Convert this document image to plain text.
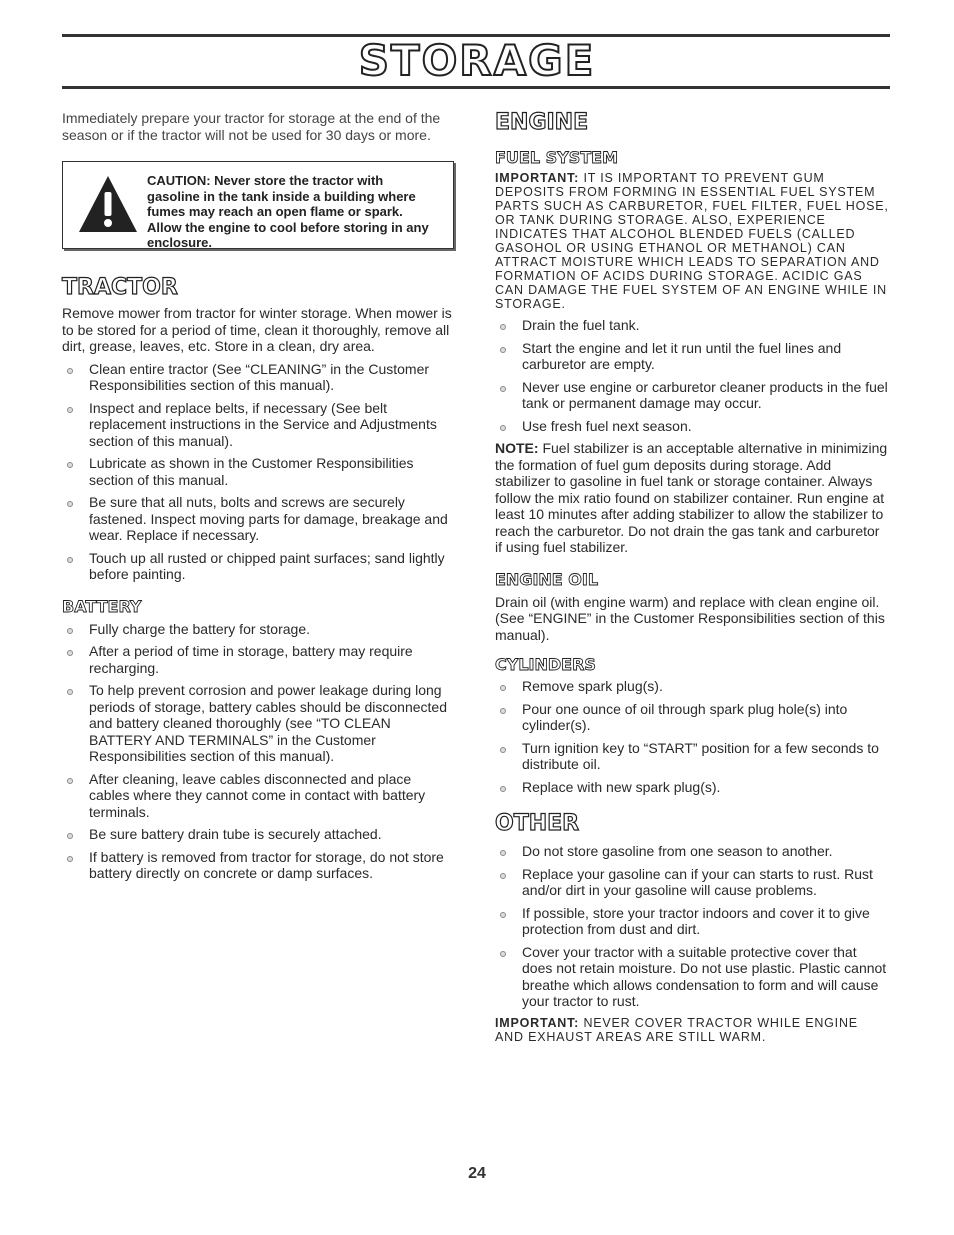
STORAGE

Immediately prepare your tractor for storage at the end of the season or if the tractor will not be used for 30 days or more.

CAUTION: Never store the tractor with gasoline in the tank inside a building where fumes may reach an open flame or spark. Allow the engine to cool before storing in any enclosure.
TRACTOR

Remove mower from tractor for winter storage. When mower is to be stored for a period of time, clean it thoroughly, remove all dirt, grease, leaves, etc. Store in a clean, dry area.

Clean entire tractor (See “CLEANING” in the Customer Responsibilities section of this manual).
Inspect and replace belts, if necessary (See belt replacement instructions in the Service and Adjustments section of this manual).
Lubricate as shown in the Customer Responsibilities section of this manual.
Be sure that all nuts, bolts and screws are securely fastened. Inspect moving parts for damage, breakage and wear. Replace if necessary.
Touch up all rusted or chipped paint surfaces; sand lightly before painting.
BATTERY
Fully charge the battery for storage.
After a period of time in storage, battery may require recharging.
To help prevent corrosion and power leakage during long periods of storage, battery cables should be disconnected and battery cleaned thoroughly (see “TO CLEAN BATTERY AND TERMINALS” in the Customer Responsibilities section of this manual).
After cleaning, leave cables disconnected and place cables where they cannot come in contact with battery terminals.
Be sure battery drain tube is securely attached.
If battery is removed from tractor for storage, do not store battery directly on concrete or damp surfaces.
ENGINE
FUEL SYSTEM

IMPORTANT: IT IS IMPORTANT TO PREVENT GUM DEPOSITS FROM FORMING IN ESSENTIAL FUEL SYSTEM PARTS SUCH AS CARBURETOR, FUEL FILTER, FUEL HOSE, OR TANK DURING STORAGE. ALSO, EXPERIENCE INDICATES THAT ALCOHOL BLENDED FUELS (CALLED GASOHOL OR USING ETHANOL OR METHANOL) CAN ATTRACT MOISTURE WHICH LEADS TO SEPARATION AND FORMATION OF ACIDS DURING STORAGE. ACIDIC GAS CAN DAMAGE THE FUEL SYSTEM OF AN ENGINE WHILE IN STORAGE.

Drain the fuel tank.
Start the engine and let it run until the fuel lines and carburetor are empty.
Never use engine or carburetor cleaner products in the fuel tank or permanent damage may occur.
Use fresh fuel next season.

NOTE: Fuel stabilizer is an acceptable alternative in minimizing the formation of fuel gum deposits during storage. Add stabilizer to gasoline in fuel tank or storage container. Always follow the mix ratio found on stabilizer container. Run engine at least 10 minutes after adding stabilizer to allow the stabilizer to reach the carburetor. Do not drain the gas tank and carburetor if using fuel stabilizer.

ENGINE OIL

Drain oil (with engine warm) and replace with clean engine oil. (See “ENGINE” in the Customer Responsibilities section of this manual).

CYLINDERS
Remove spark plug(s).
Pour one ounce of oil through spark plug hole(s) into cylinder(s).
Turn ignition key to “START” position for a few seconds to distribute oil.
Replace with new spark plug(s).
OTHER
Do not store gasoline from one season to another.
Replace your gasoline can if your can starts to rust. Rust and/or dirt in your gasoline will cause problems.
If possible, store your tractor indoors and cover it to give protection from dust and dirt.
Cover your tractor with a suitable protective cover that does not retain moisture. Do not use plastic. Plastic cannot breathe which allows condensation to form and will cause your tractor to rust.

IMPORTANT: NEVER COVER TRACTOR WHILE ENGINE AND EXHAUST AREAS ARE STILL WARM.

24
